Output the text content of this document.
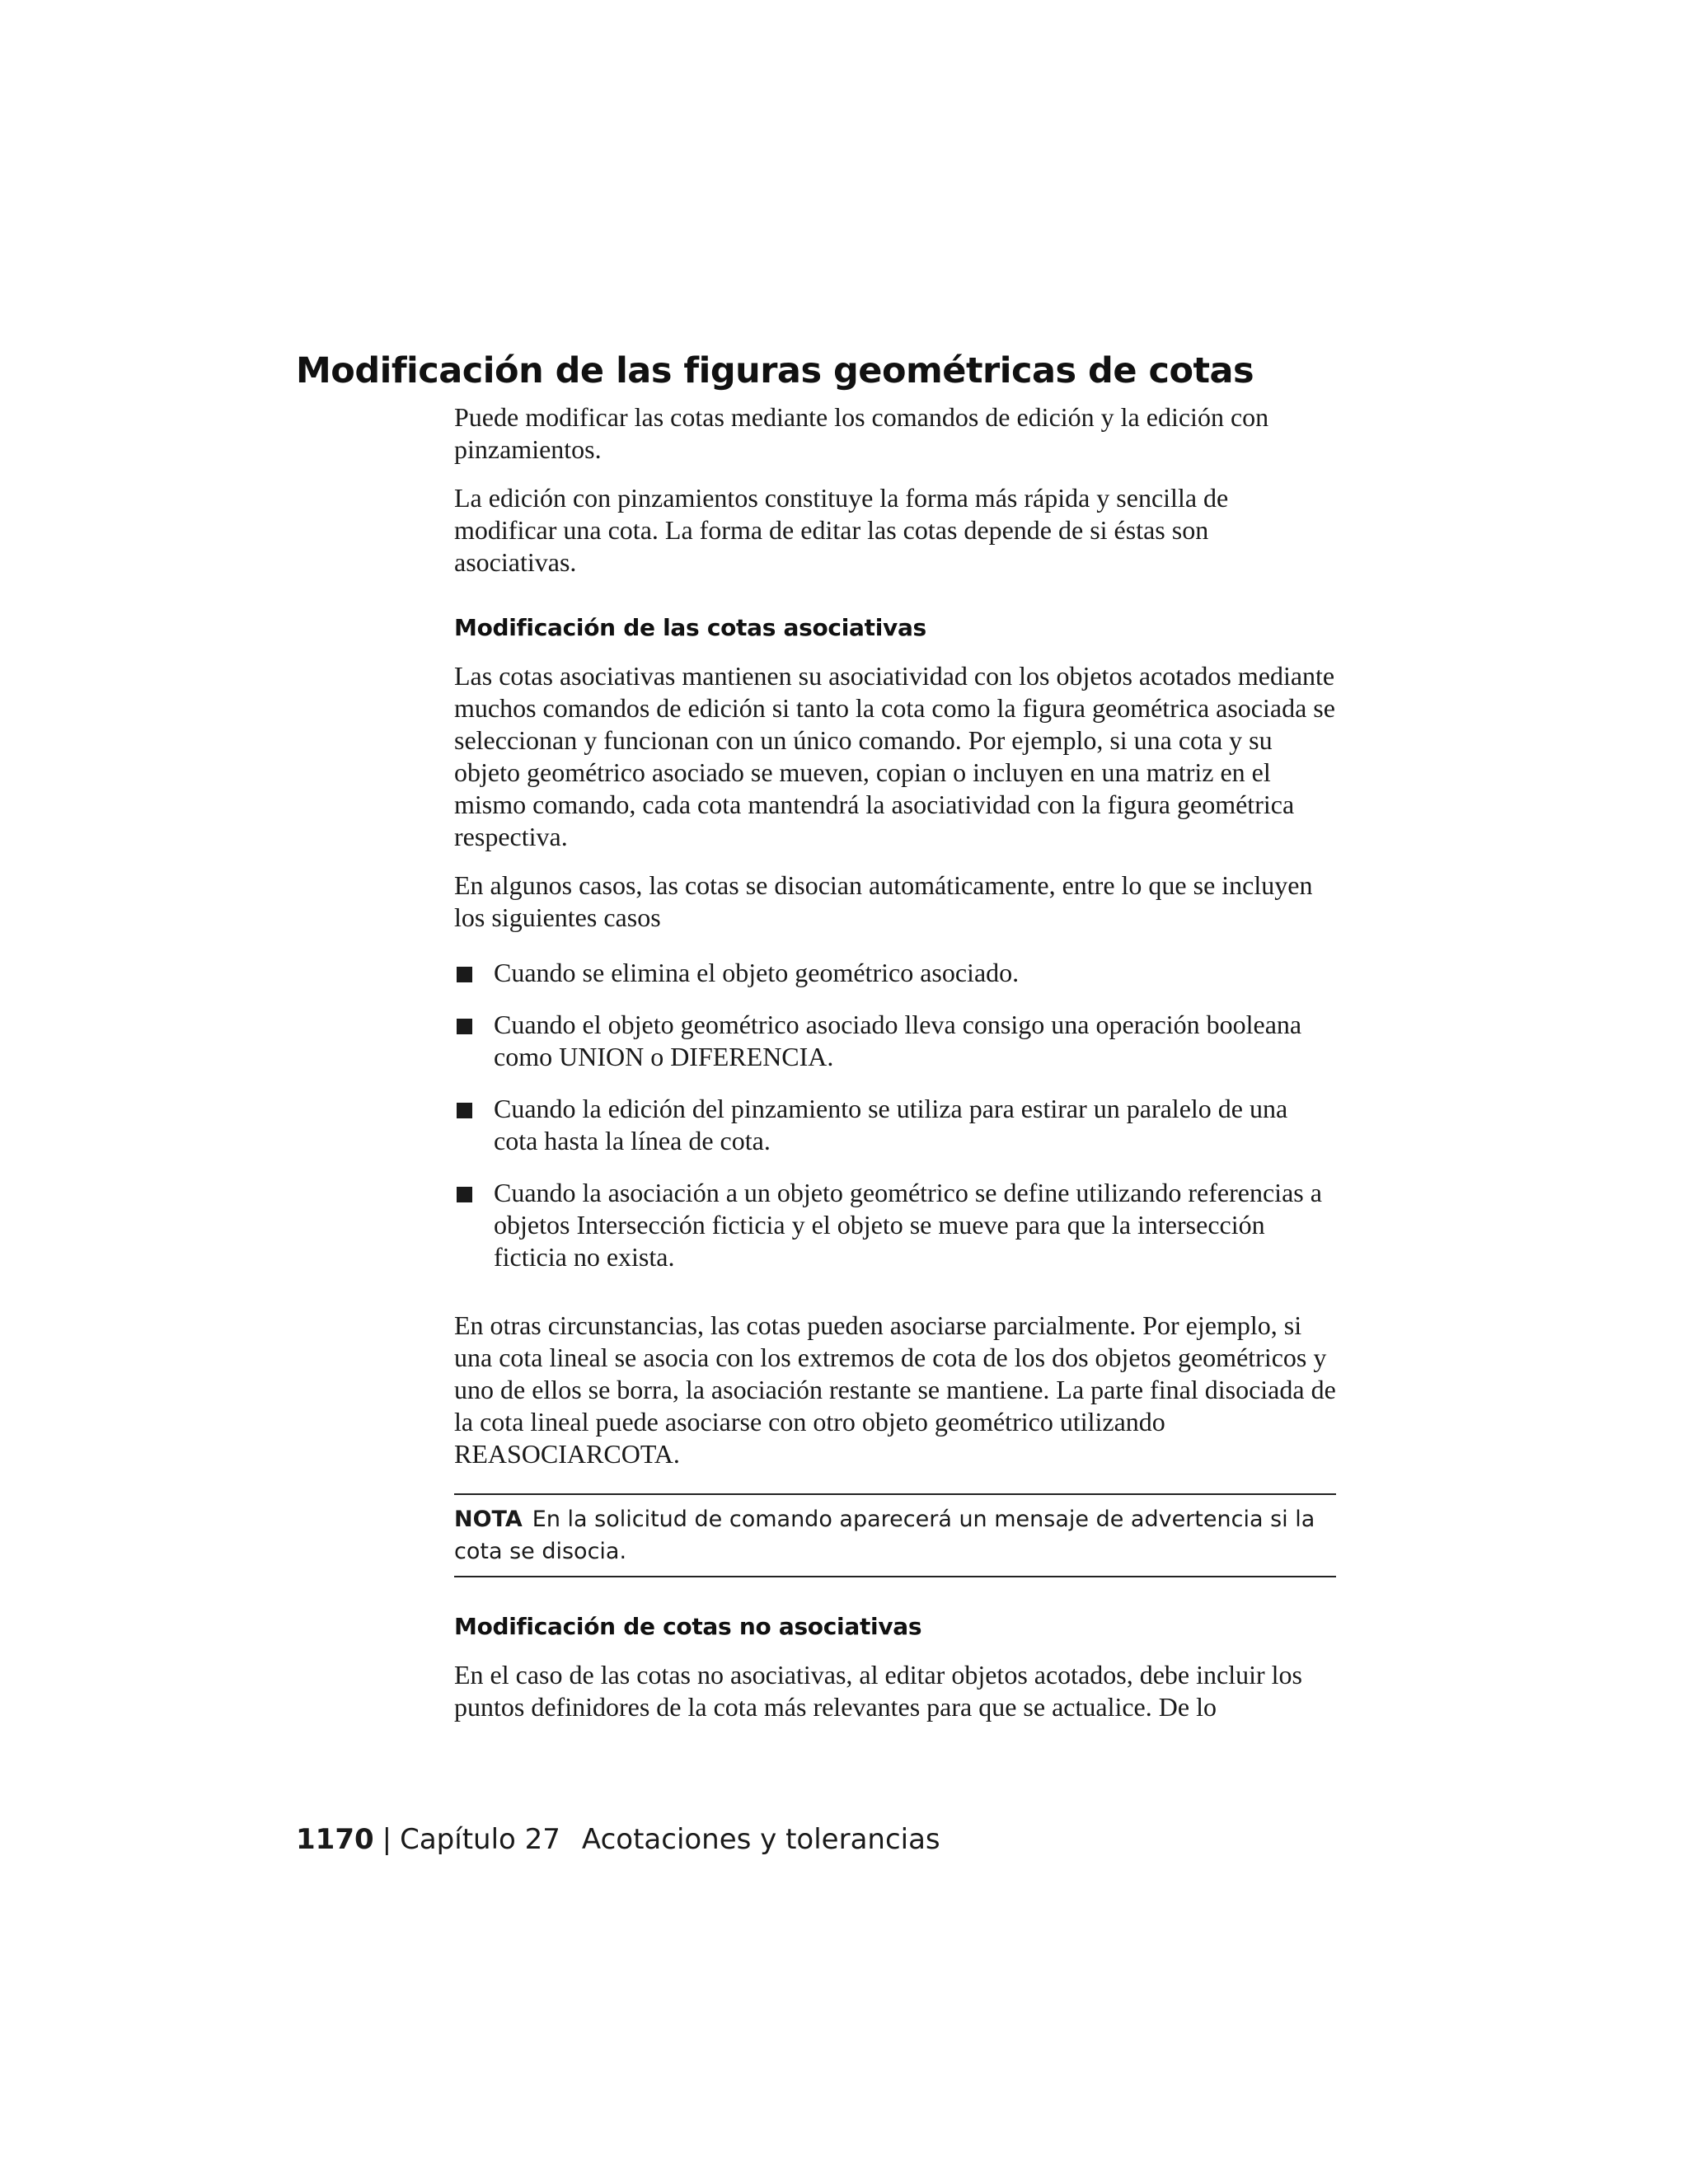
Modificación de las figuras geométricas de cotas

Puede modificar las cotas mediante los comandos de edición y la edición con pinzamientos.

La edición con pinzamientos constituye la forma más rápida y sencilla de modificar una cota. La forma de editar las cotas depende de si éstas son asociativas.

Modificación de las cotas asociativas

Las cotas asociativas mantienen su asociatividad con los objetos acotados mediante muchos comandos de edición si tanto la cota como la figura geométrica asociada se seleccionan y funcionan con un único comando. Por ejemplo, si una cota y su objeto geométrico asociado se mueven, copian o incluyen en una matriz en el mismo comando, cada cota mantendrá la asociatividad con la figura geométrica respectiva.

En algunos casos, las cotas se disocian automáticamente, entre lo que se incluyen los siguientes casos

Cuando se elimina el objeto geométrico asociado.
Cuando el objeto geométrico asociado lleva consigo una operación booleana como UNION o DIFERENCIA.
Cuando la edición del pinzamiento se utiliza para estirar un paralelo de una cota hasta la línea de cota.
Cuando la asociación a un objeto geométrico se define utilizando referencias a objetos Intersección ficticia y el objeto se mueve para que la intersección ficticia no exista.

En otras circunstancias, las cotas pueden asociarse parcialmente. Por ejemplo, si una cota lineal se asocia con los extremos de cota de los dos objetos geométricos y uno de ellos se borra, la asociación restante se mantiene. La parte final disociada de la cota lineal puede asociarse con otro objeto geométrico utilizando REASOCIARCOTA.

NOTA En la solicitud de comando aparecerá un mensaje de advertencia si la cota se disocia.
Modificación de cotas no asociativas

En el caso de las cotas no asociativas, al editar objetos acotados, debe incluir los puntos definidores de la cota más relevantes para que se actualice. De lo

1170 | Capítulo 27 Acotaciones y tolerancias
